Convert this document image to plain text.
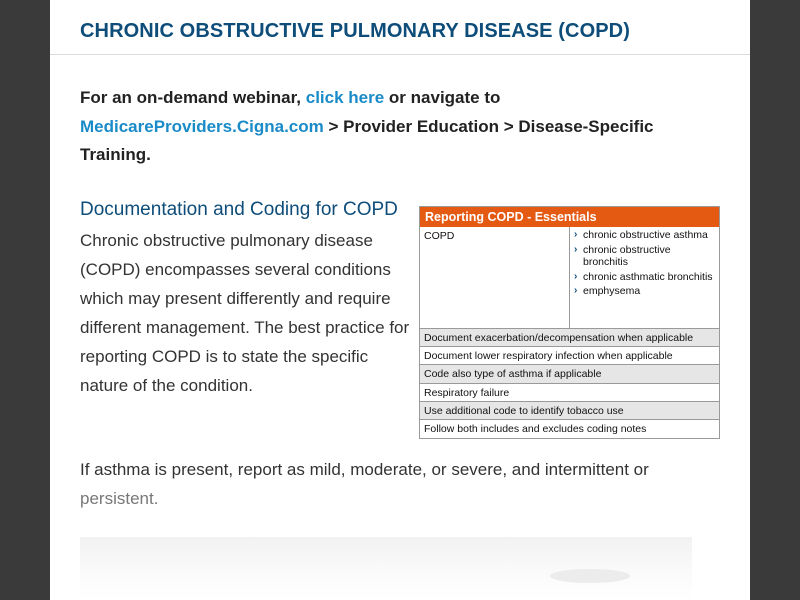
CHRONIC OBSTRUCTIVE PULMONARY DISEASE (COPD)
For an on-demand webinar, click here or navigate to
MedicareProviders.Cigna.com > Provider Education > Disease-Specific Training.
Documentation and Coding for COPD

Chronic obstructive pulmonary disease (COPD) encompasses several conditions which may present differently and require different management. The best practice for reporting COPD is to state the specific nature of the condition.

Reporting COPD - Essentials
COPD	› chronic obstructive asthma
› chronic obstructive bronchitis
› chronic asthmatic bronchitis
› emphysema
Document exacerbation/decompensation when applicable
Document lower respiratory infection when applicable
Code also type of asthma if applicable
Respiratory failure
Use additional code to identify tobacco use
Follow both includes and excludes coding notes
If asthma is present, report as mild, moderate, or severe, and intermittent or
persistent.
